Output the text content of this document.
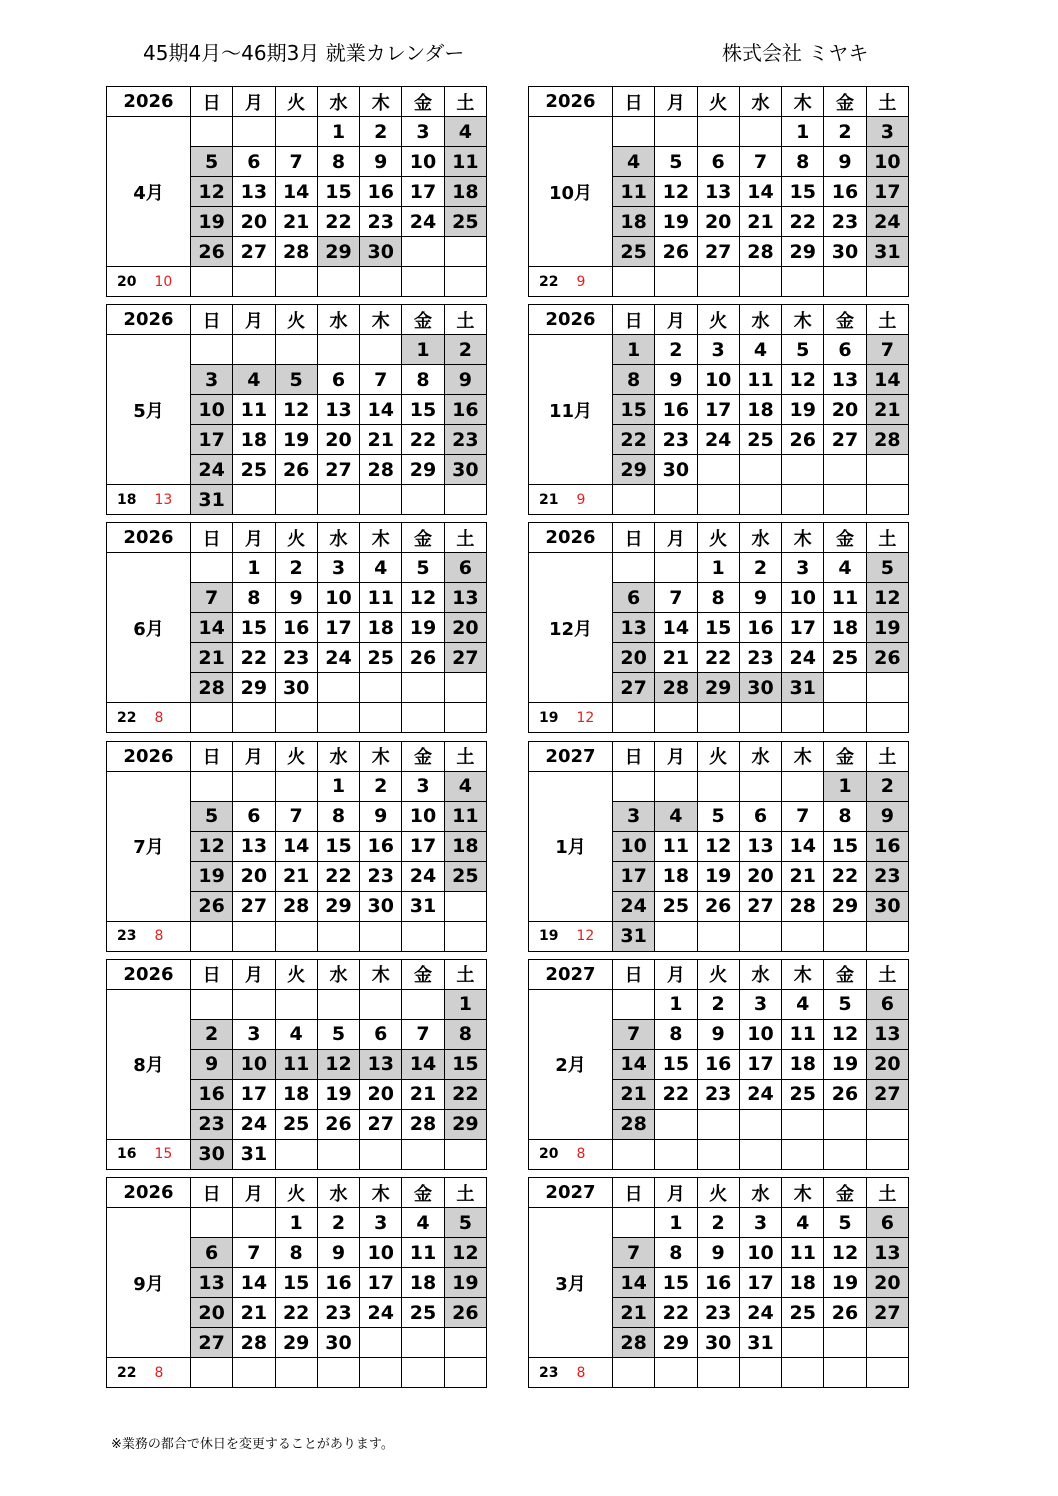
45期4月～46期3月 就業カレンダー	株式会社 ミヤキ
2026	日	月	火	水	木	金	土
4月				1	2	3	4
	5	6	7	8	9	10	11
	12	13	14	15	16	17	18
	19	20	21	22	23	24	25
	26	27	28	29	30		
20 10							
2026	日	月	火	水	木	金	土
5月						1	2
	3	4	5	6	7	8	9
	10	11	12	13	14	15	16
	17	18	19	20	21	22	23
	24	25	26	27	28	29	30
18 13	31						
2026	日	月	火	水	木	金	土
6月		1	2	3	4	5	6
	7	8	9	10	11	12	13
	14	15	16	17	18	19	20
	21	22	23	24	25	26	27
	28	29	30				
22 8							
2026	日	月	火	水	木	金	土
7月				1	2	3	4
	5	6	7	8	9	10	11
	12	13	14	15	16	17	18
	19	20	21	22	23	24	25
	26	27	28	29	30	31	
23 8							
2026	日	月	火	水	木	金	土
8月							1
	2	3	4	5	6	7	8
	9	10	11	12	13	14	15
	16	17	18	19	20	21	22
	23	24	25	26	27	28	29
16 15	30	31					
2026	日	月	火	水	木	金	土
9月			1	2	3	4	5
	6	7	8	9	10	11	12
	13	14	15	16	17	18	19
	20	21	22	23	24	25	26
	27	28	29	30			
22 8							
2026	日	月	火	水	木	金	土
10月					1	2	3
	4	5	6	7	8	9	10
	11	12	13	14	15	16	17
	18	19	20	21	22	23	24
	25	26	27	28	29	30	31
22 9							
2026	日	月	火	水	木	金	土
11月	1	2	3	4	5	6	7
	8	9	10	11	12	13	14
	15	16	17	18	19	20	21
	22	23	24	25	26	27	28
	29	30					
21 9							
2026	日	月	火	水	木	金	土
12月			1	2	3	4	5
	6	7	8	9	10	11	12
	13	14	15	16	17	18	19
	20	21	22	23	24	25	26
	27	28	29	30	31		
19 12							
2027	日	月	火	水	木	金	土
1月						1	2
	3	4	5	6	7	8	9
	10	11	12	13	14	15	16
	17	18	19	20	21	22	23
	24	25	26	27	28	29	30
19 12	31						
2027	日	月	火	水	木	金	土
2月		1	2	3	4	5	6
	7	8	9	10	11	12	13
	14	15	16	17	18	19	20
	21	22	23	24	25	26	27
	28						
20 8							
2027	日	月	火	水	木	金	土
3月		1	2	3	4	5	6
	7	8	9	10	11	12	13
	14	15	16	17	18	19	20
	21	22	23	24	25	26	27
	28	29	30	31			
23 8							
※業務の都合で休日を変更することがあります。
